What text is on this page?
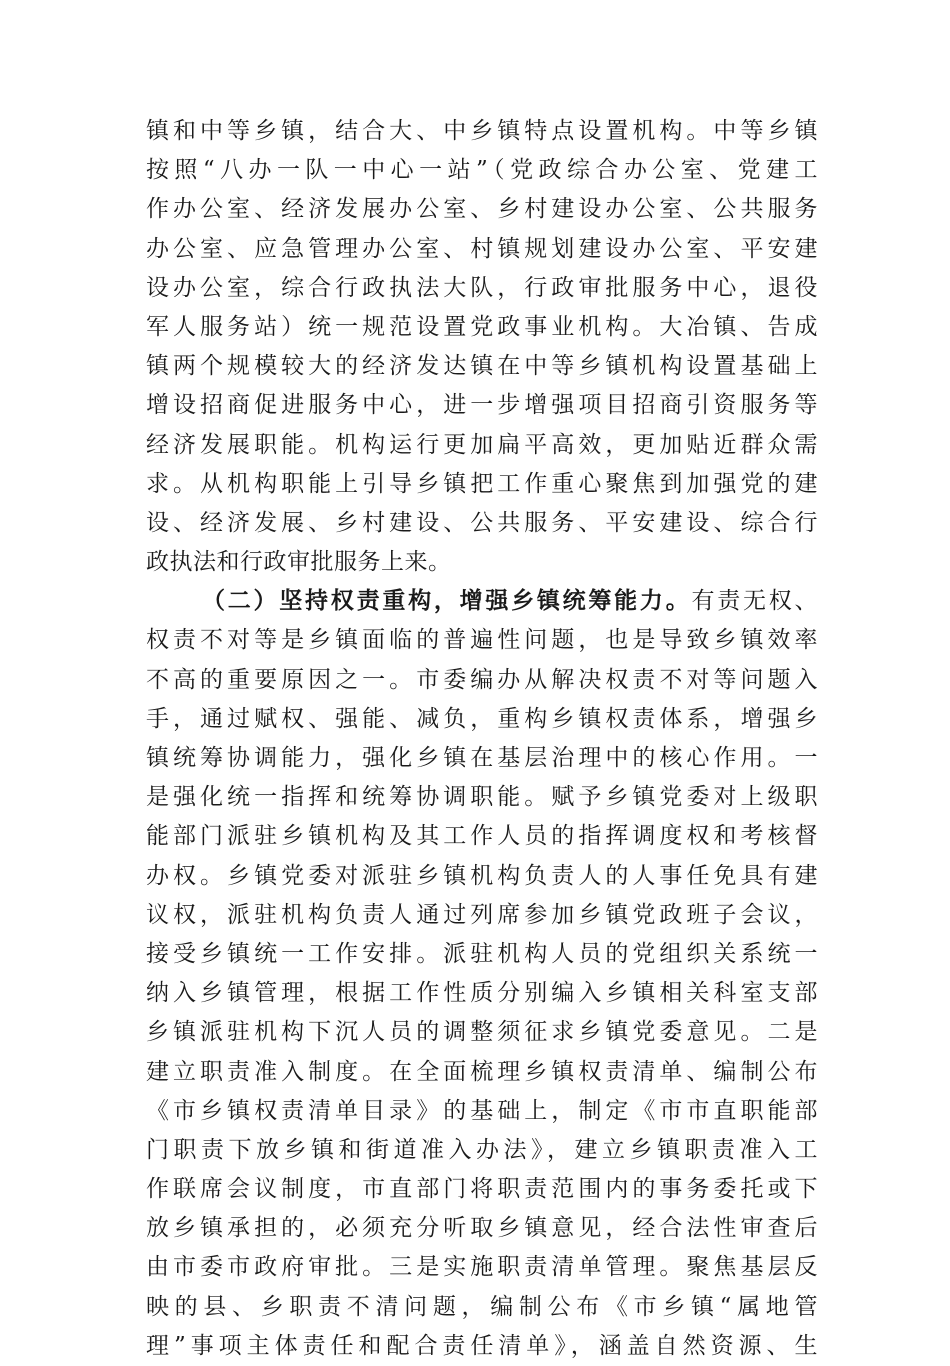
镇和中等乡镇，结合大、中乡镇特点设置机构。中等乡镇
按照“八办一队一中心一站”（党政综合办公室、党建工
作办公室、经济发展办公室、乡村建设办公室、公共服务
办公室、应急管理办公室、村镇规划建设办公室、平安建
设办公室，综合行政执法大队，行政审批服务中心，退役
军人服务站）统一规范设置党政事业机构。大冶镇、告成
镇两个规模较大的经济发达镇在中等乡镇机构设置基础上
增设招商促进服务中心，进一步增强项目招商引资服务等
经济发展职能。机构运行更加扁平高效，更加贴近群众需
求。从机构职能上引导乡镇把工作重心聚焦到加强党的建
设、经济发展、乡村建设、公共服务、平安建设、综合行
政执法和行政审批服务上来。
（二）坚持权责重构，增强乡镇统筹能力。有责无权、
权责不对等是乡镇面临的普遍性问题，也是导致乡镇效率
不高的重要原因之一。市委编办从解决权责不对等问题入
手，通过赋权、强能、减负，重构乡镇权责体系，增强乡
镇统筹协调能力，强化乡镇在基层治理中的核心作用。一
是强化统一指挥和统筹协调职能。赋予乡镇党委对上级职
能部门派驻乡镇机构及其工作人员的指挥调度权和考核督
办权。乡镇党委对派驻乡镇机构负责人的人事任免具有建
议权，派驻机构负责人通过列席参加乡镇党政班子会议，
接受乡镇统一工作安排。派驻机构人员的党组织关系统一
纳入乡镇管理，根据工作性质分别编入乡镇相关科室支部
乡镇派驻机构下沉人员的调整须征求乡镇党委意见。二是
建立职责准入制度。在全面梳理乡镇权责清单、编制公布
《市乡镇权责清单目录》的基础上，制定《市市直职能部
门职责下放乡镇和街道准入办法》，建立乡镇职责准入工
作联席会议制度，市直部门将职责范围内的事务委托或下
放乡镇承担的，必须充分听取乡镇意见，经合法性审查后
由市委市政府审批。三是实施职责清单管理。聚焦基层反
映的县、乡职责不清问题，编制公布《市乡镇“属地管
理”事项主体责任和配合责任清单》，涵盖自然资源、生
